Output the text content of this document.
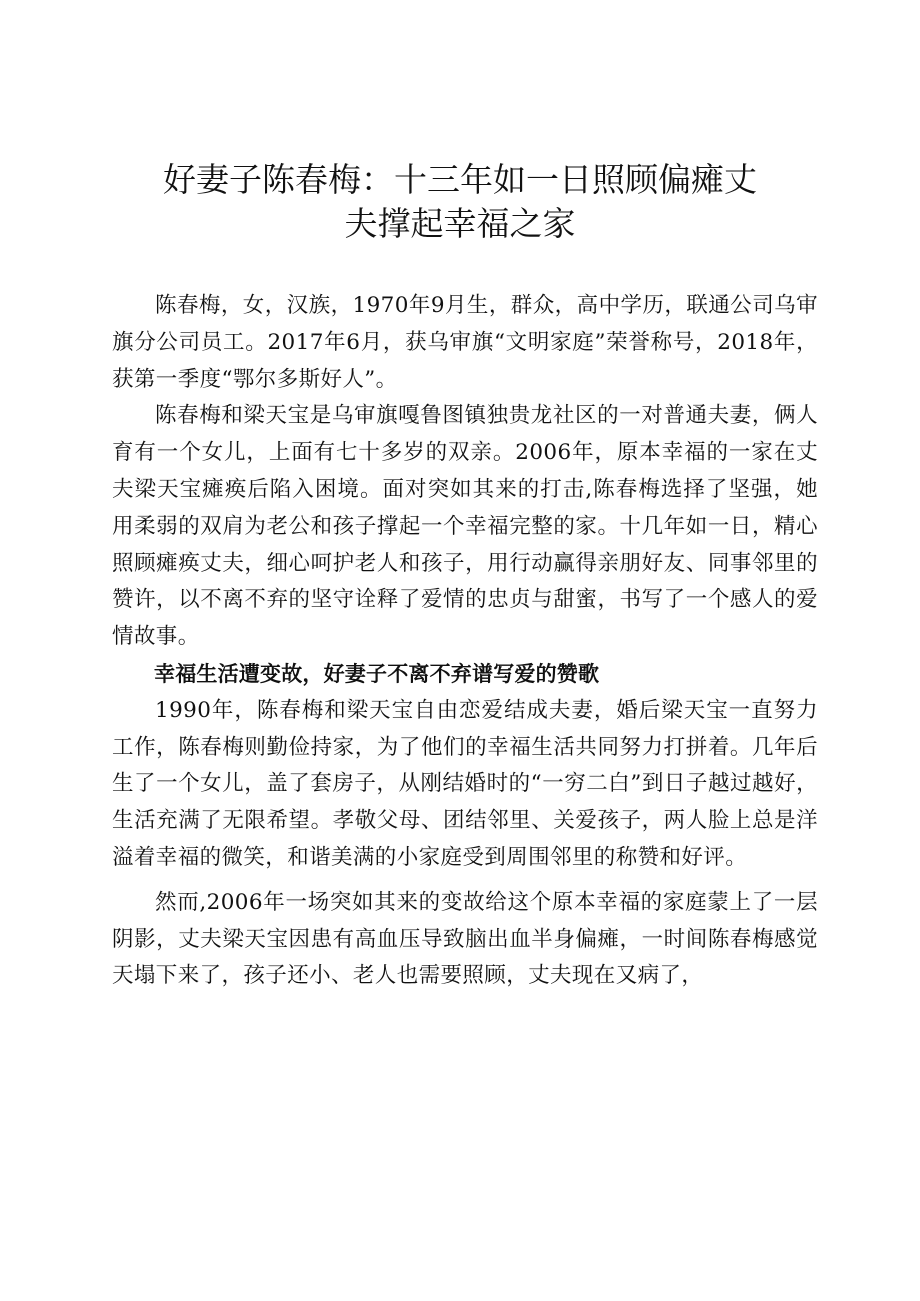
好妻子陈春梅：十三年如一日照顾偏瘫丈
夫撑起幸福之家

陈春梅，女，汉族，1970年9月生，群众，高中学历，联通公司乌审旗分公司员工。2017年6月，获乌审旗“文明家庭”荣誉称号，2018年，获第一季度“鄂尔多斯好人”。

陈春梅和梁天宝是乌审旗嘎鲁图镇独贵龙社区的一对普通夫妻，俩人育有一个女儿，上面有七十多岁的双亲。2006年，原本幸福的一家在丈夫梁天宝瘫痪后陷入困境。面对突如其来的打击,陈春梅选择了坚强，她用柔弱的双肩为老公和孩子撑起一个幸福完整的家。十几年如一日，精心照顾瘫痪丈夫，细心呵护老人和孩子，用行动赢得亲朋好友、同事邻里的赞许，以不离不弃的坚守诠释了爱情的忠贞与甜蜜，书写了一个感人的爱情故事。

幸福生活遭变故，好妻子不离不弃谱写爱的赞歌

1990年，陈春梅和梁天宝自由恋爱结成夫妻，婚后梁天宝一直努力工作，陈春梅则勤俭持家，为了他们的幸福生活共同努力打拼着。几年后生了一个女儿，盖了套房子，从刚结婚时的“一穷二白”到日子越过越好，生活充满了无限希望。孝敬父母、团结邻里、关爱孩子，两人脸上总是洋溢着幸福的微笑，和谐美满的小家庭受到周围邻里的称赞和好评。

然而,2006年一场突如其来的变故给这个原本幸福的家庭蒙上了一层阴影，丈夫梁天宝因患有高血压导致脑出血半身偏瘫，一时间陈春梅感觉天塌下来了，孩子还小、老人也需要照顾，丈夫现在又病了，
